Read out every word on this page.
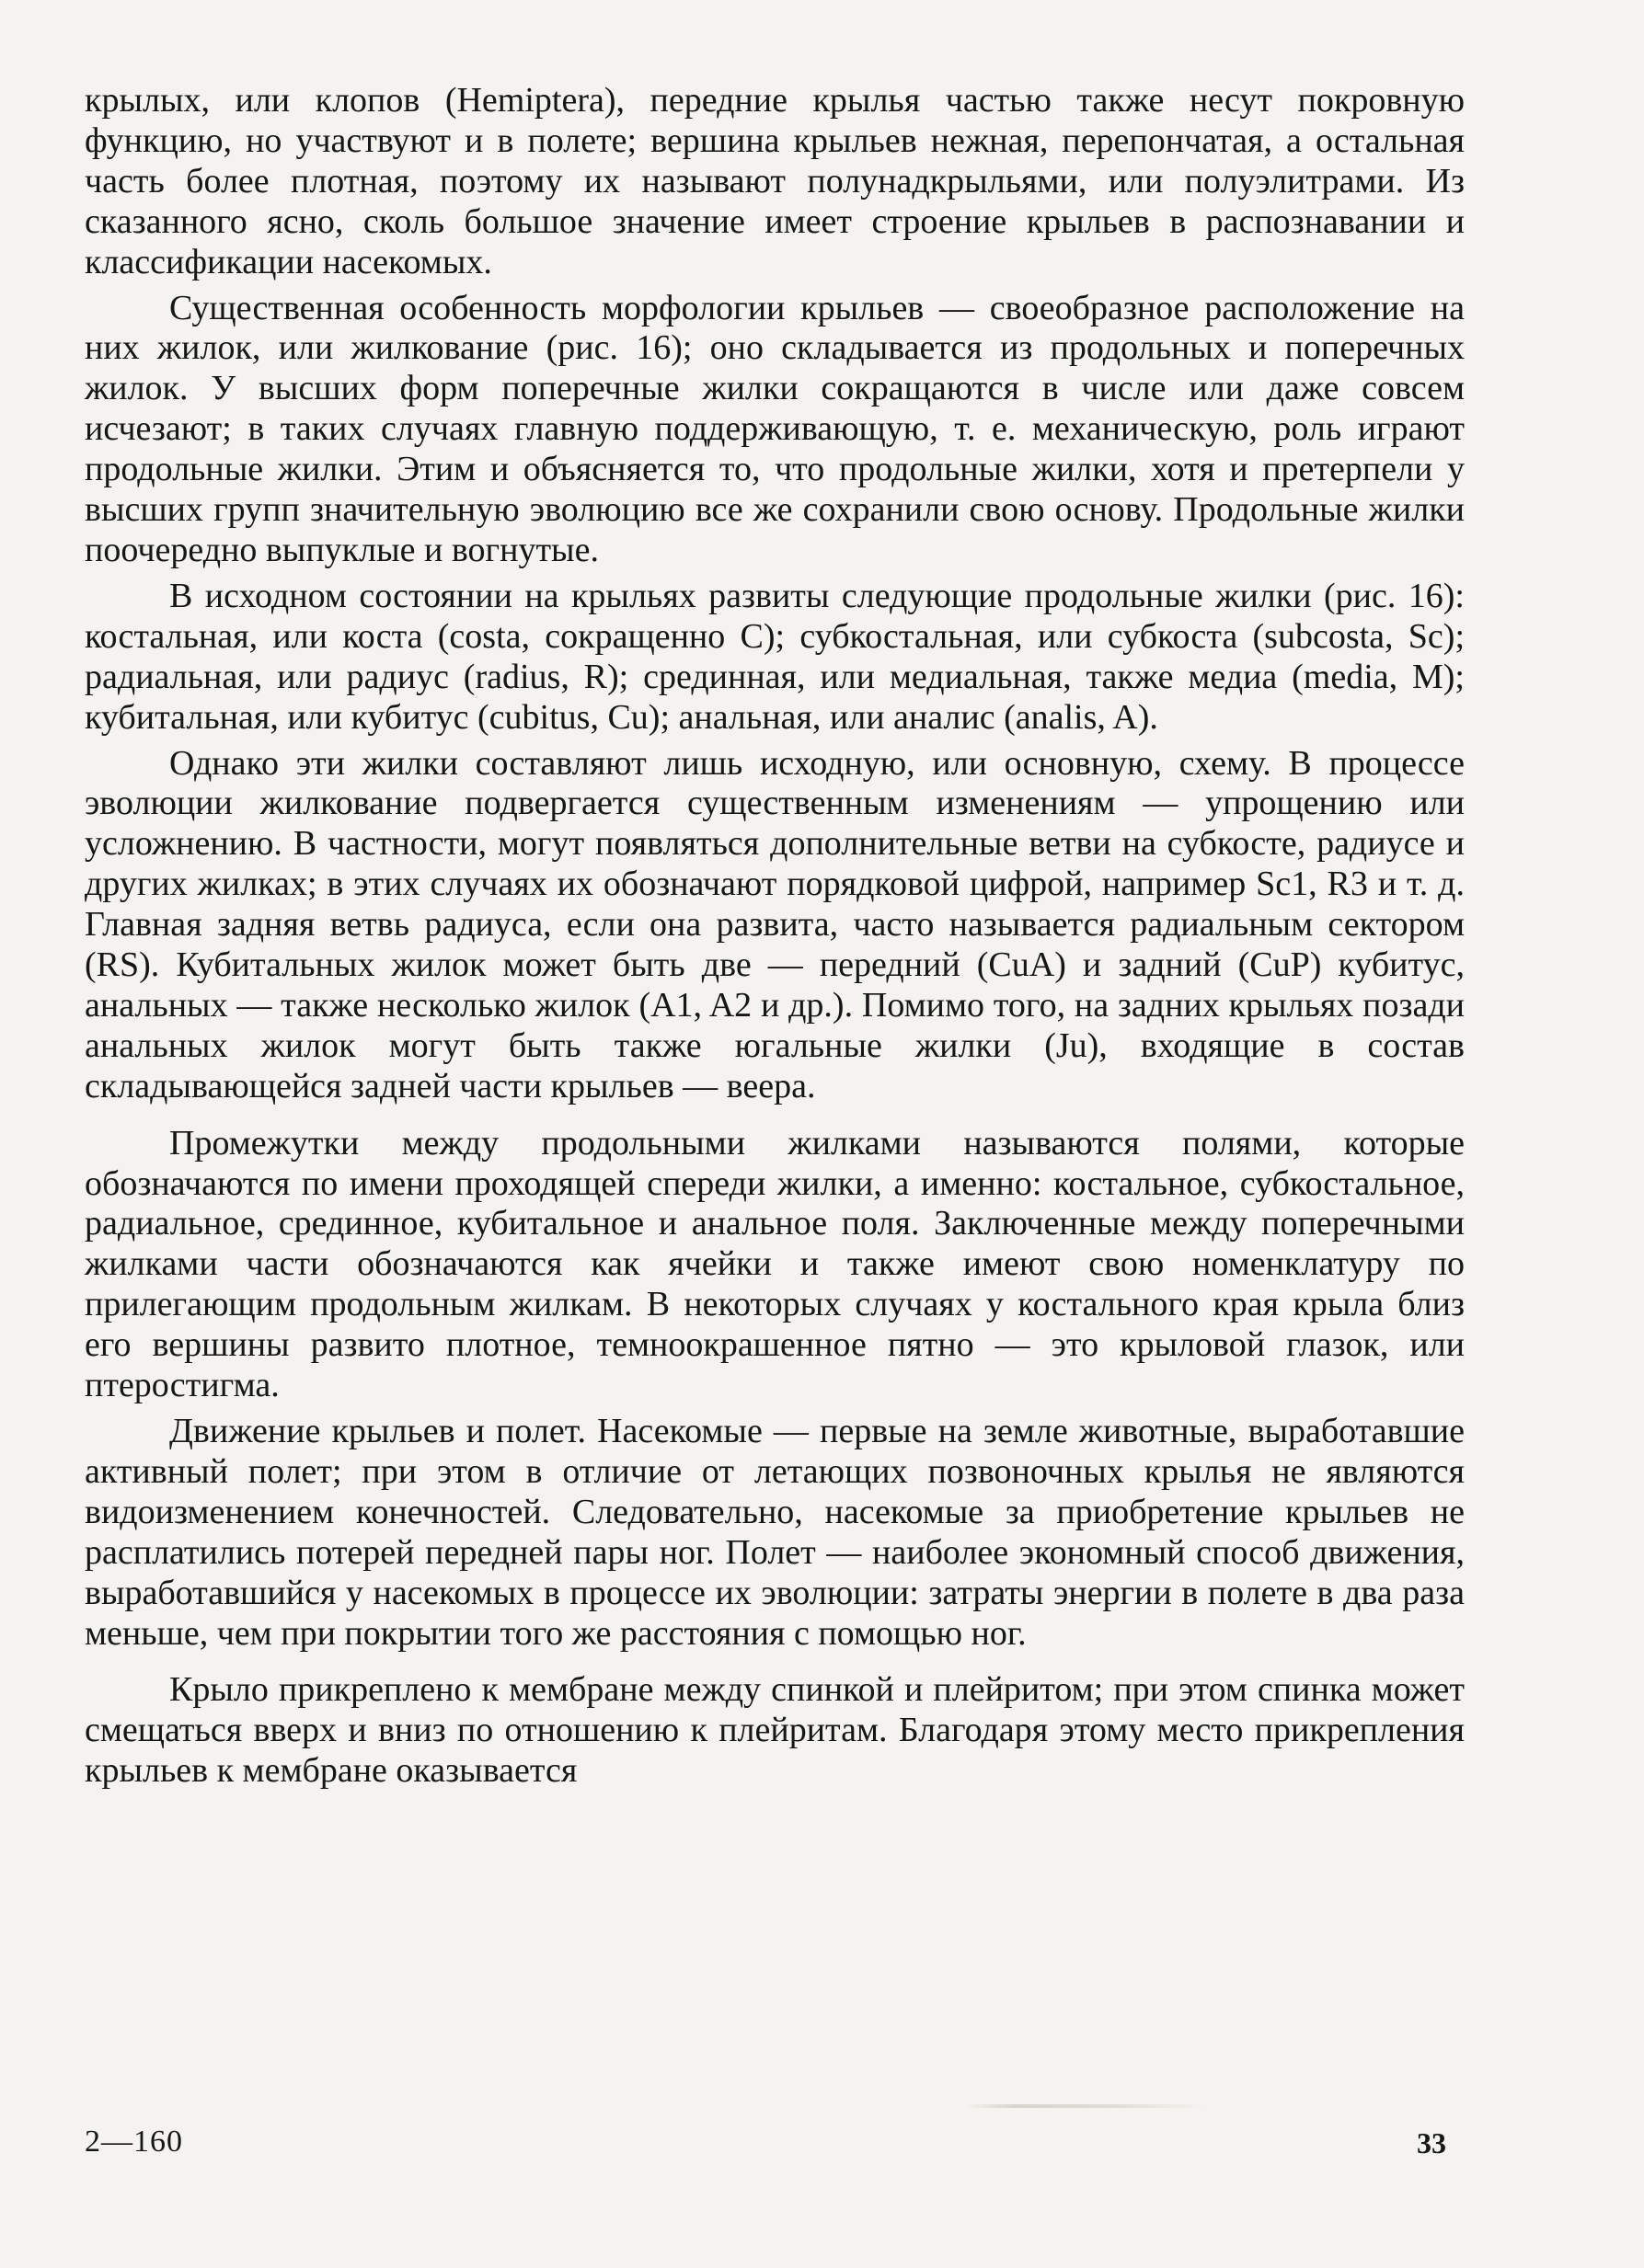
крылых, или клопов (Hemiptera), передние крылья частью также несут покровную функцию, но участвуют и в полете; вершина крыльев нежная, перепончатая, а остальная часть более плотная, поэтому их называют полунадкрыльями, или полуэлитрами. Из сказанного ясно, сколь большое значение имеет строение крыльев в распознавании и классификации насекомых.

Существенная особенность морфологии крыльев — своеобразное расположение на них жилок, или жилкование (рис. 16); оно складывается из продольных и поперечных жилок. У высших форм поперечные жилки сокращаются в числе или даже совсем исчезают; в таких случаях главную поддерживающую, т. е. механическую, роль играют продольные жилки. Этим и объясняется то, что продольные жилки, хотя и претерпели у высших групп значительную эволюцию все же сохранили свою основу. Продольные жилки поочередно выпуклые и вогнутые.

В исходном состоянии на крыльях развиты следующие продольные жилки (рис. 16): костальная, или коста (costa, сокращенно C); субкостальная, или субкоста (subcosta, Sc); радиальная, или радиус (radius, R); срединная, или медиальная, также медиа (media, M); кубитальная, или кубитус (cubitus, Cu); анальная, или аналис (analis, A).

Однако эти жилки составляют лишь исходную, или основную, схему. В процессе эволюции жилкование подвергается существенным изменениям — упрощению или усложнению. В частности, могут появляться дополнительные ветви на субкосте, радиусе и других жилках; в этих случаях их обозначают порядковой цифрой, например Sc1, R3 и т. д. Главная задняя ветвь радиуса, если она развита, часто называется радиальным сектором (RS). Кубитальных жилок может быть две — передний (CuA) и задний (CuP) кубитус, анальных — также несколько жилок (A1, A2 и др.). Помимо того, на задних крыльях позади анальных жилок могут быть также югальные жилки (Ju), входящие в состав складывающейся задней части крыльев — веера.

Промежутки между продольными жилками называются полями, которые обозначаются по имени проходящей спереди жилки, а именно: костальное, субкостальное, радиальное, срединное, кубитальное и анальное поля. Заключенные между поперечными жилками части обозначаются как ячейки и также имеют свою номенклатуру по прилегающим продольным жилкам. В некоторых случаях у костального края крыла близ его вершины развито плотное, темноокрашенное пятно — это крыловой глазок, или птеростигма.

Движение крыльев и полет. Насекомые — первые на земле животные, выработавшие активный полет; при этом в отличие от летающих позвоночных крылья не являются видоизменением конечностей. Следовательно, насекомые за приобретение крыльев не расплатились потерей передней пары ног. Полет — наиболее экономный способ движения, выработавшийся у насекомых в процессе их эволюции: затраты энергии в полете в два раза меньше, чем при покрытии того же расстояния с помощью ног.

Крыло прикреплено к мембране между спинкой и плейритом; при этом спинка может смещаться вверх и вниз по отношению к плейритам. Благодаря этому место прикрепления крыльев к мембране оказывается

2—160	33
